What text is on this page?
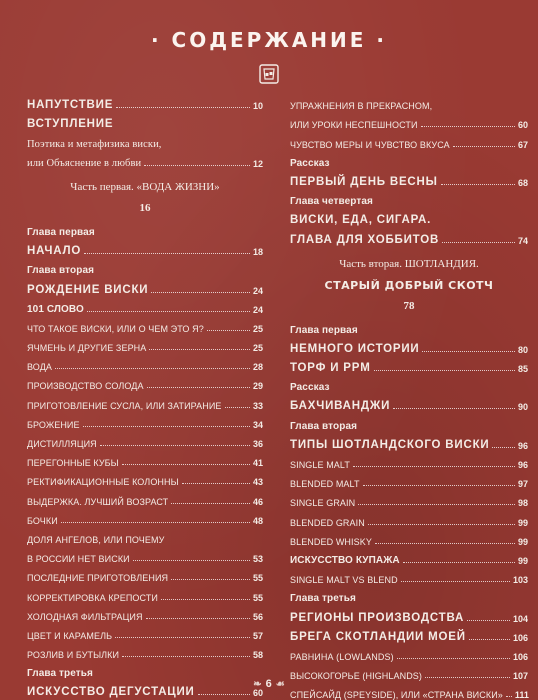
· СОДЕРЖАНИЕ ·
НАПУТСТВИЕ	10
ВСТУПЛЕНИЕ
Поэтика и метафизика виски,
или Объяснение в любви	12
Часть первая. «ВОДА ЖИЗНИ»
16
Глава первая
НАЧАЛО	18
Глава вторая
РОЖДЕНИЕ ВИСКИ	24
101 СЛОВО	24
ЧТО ТАКОЕ ВИСКИ, ИЛИ О ЧЕМ ЭТО Я?	25
ЯЧМЕНЬ И ДРУГИЕ ЗЕРНА	25
ВОДА	28
ПРОИЗВОДСТВО СОЛОДА	29
ПРИГОТОВЛЕНИЕ СУСЛА, ИЛИ ЗАТИРАНИЕ	33
БРОЖЕНИЕ	34
ДИСТИЛЛЯЦИЯ	36
ПЕРЕГОННЫЕ КУБЫ	41
РЕКТИФИКАЦИОННЫЕ КОЛОННЫ	43
ВЫДЕРЖКА. ЛУЧШИЙ ВОЗРАСТ	46
БОЧКИ	48
ДОЛЯ АНГЕЛОВ, ИЛИ ПОЧЕМУ
В РОССИИ НЕТ ВИСКИ	53
ПОСЛЕДНИЕ ПРИГОТОВЛЕНИЯ	55
КОРРЕКТИРОВКА КРЕПОСТИ	55
ХОЛОДНАЯ ФИЛЬТРАЦИЯ	56
ЦВЕТ И КАРАМЕЛЬ	57
РОЗЛИВ И БУТЫЛКИ	58
Глава третья
ИСКУССТВО ДЕГУСТАЦИИ	60
УПРАЖНЕНИЯ В ПРЕКРАСНОМ,
ИЛИ УРОКИ НЕСПЕШНОСТИ	60
ЧУВСТВО МЕРЫ И ЧУВСТВО ВКУСА	67
Рассказ
ПЕРВЫЙ ДЕНЬ ВЕСНЫ	68
Глава четвертая
ВИСКИ, ЕДА, СИГАРА.
ГЛАВА ДЛЯ ХОББИТОВ	74
Часть вторая. ШОТЛАНДИЯ.
СТАРЫЙ ДОБРЫЙ СКОТЧ
78
Глава первая
НЕМНОГО ИСТОРИИ	80
ТОРФ И PPM	85
Рассказ
БАХЧИВАНДЖИ	90
Глава вторая
ТИПЫ ШОТЛАНДСКОГО ВИСКИ	96
SINGLE MALT	96
BLENDED MALT	97
SINGLE GRAIN	98
BLENDED GRAIN	99
BLENDED WHISKY	99
ИСКУССТВО КУПАЖА	99
SINGLE MALT VS BLEND	103
Глава третья
РЕГИОНЫ ПРОИЗВОДСТВА	104
БРЕГА СКОТЛАНДИИ МОЕЙ	106
РАВНИНА (LOWLANDS)	106
ВЫСОКОГОРЬЕ (HIGHLANDS)	107
СПЕЙСАЙД (SPEYSIDE), ИЛИ «СТРАНА ВИСКИ» 111
❧ 6 ☙
